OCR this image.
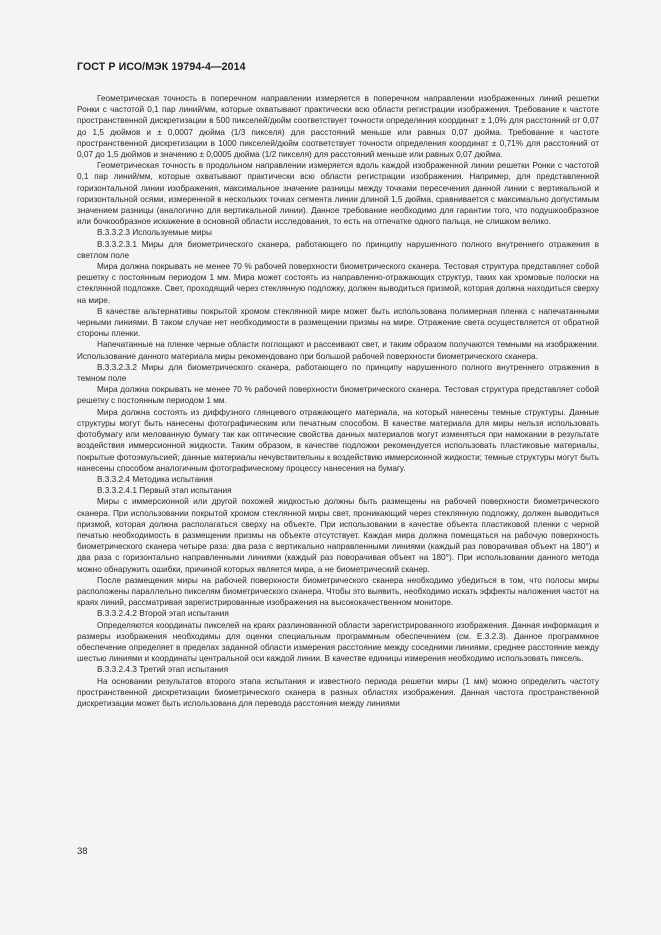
ГОСТ Р ИСО/МЭК 19794-4—2014

Геометрическая точность в поперечном направлении измеряется в поперечном направлении изображенных линий решетки Ронки с частотой 0,1 пар линий/мм, которые охватывают практически всю области регистрации изображения. Требование к частоте пространственной дискретизации в 500 пикселей/дюйм соответствует точности определения координат ± 1,0% для расстояний от 0,07 до 1,5 дюймов и ± 0,0007 дюйма (1/3 пикселя) для расстояний меньше или равных 0,07 дюйма. Требование к частоте пространственной дискретизации в 1000 пикселей/дюйм соответствует точности определения координат ± 0,71% для расстояний от 0,07 до 1,5 дюймов и значению ± 0,0005 дюйма (1/2 пикселя) для расстояний меньше или равных 0,07 дюйма.

Геометрическая точность в продольном направлении измеряется вдоль каждой изображенной линии решетки Ронки с частотой 0,1 пар линий/мм, которые охватывают практически всю области регистрации изображения. Например, для представленной горизонтальной линии изображения, максимальное значение разницы между точками пересечения данной линии с вертикальной и горизонтальной осями, измеренной в нескольких точках сегмента линии длиной 1,5 дюйма, сравнивается с максимально допустимым значением разницы (аналогично для вертикальной линии). Данное требование необходимо для гарантии того, что подушкообразное или бочкообразное искажение в основной области исследования, то есть на отпечатке одного пальца, не слишком велико.

В.3.3.2.3 Используемые миры

В.3.3.2.3.1 Миры для биометрического сканера, работающего по принципу нарушенного полного внутреннего отражения в светлом поле

Мира должна покрывать не менее 70 % рабочей поверхности биометрического сканера. Тестовая структура представляет собой решетку с постоянным периодом 1 мм. Мира может состоять из направленно-отражающих структур, таких как хромовые полоски на стеклянной подложке. Свет, проходящий через стеклянную подложку, должен выводиться призмой, которая должна находиться сверху на мире.

В качестве альтернативы покрытой хромом стеклянной мире может быть использована полимерная пленка с напечатанными черными линиями. В таком случае нет необходимости в размещении призмы на мире. Отражение света осуществляется от обратной стороны пленки.

Напечатанные на пленке черные области поглощают и рассеивают свет, и таким образом получаются темными на изображении. Использование данного материала миры рекомендовано при большой рабочей поверхности биометрического сканера.

В.3.3.2.3.2 Миры для биометрического сканера, работающего по принципу нарушенного полного внутреннего отражения в темном поле

Мира должна покрывать не менее 70 % рабочей поверхности биометрического сканера. Тестовая структура представляет собой решетку с постоянным периодом 1 мм.

Мира должна состоять из диффузного глянцевого отражающего материала, на который нанесены темные структуры. Данные структуры могут быть нанесены фотографическим или печатным способом. В качестве материала для миры нельзя использовать фотобумагу или мелованную бумагу так как оптические свойства данных материалов могут изменяться при намокании в результате воздействия иммерсионной жидкости. Таким образом, в качестве подложки рекомендуется использовать пластиковые материалы, покрытые фотоэмульсией; данные материалы нечувствительны к воздействию иммерсионной жидкости; темные структуры могут быть нанесены способом аналогичным фотографическому процессу нанесения на бумагу.

В.3.3.2.4 Методика испытания

В.3.3.2.4.1 Первый этап испытания

Миры с иммерсионной или другой похожей жидкостью должны быть размещены на рабочей поверхности биометрического сканера. При использовании покрытой хромом стеклянной миры свет, проникающий через стеклянную подложку, должен выводиться призмой, которая должна располагаться сверху на объекте. При использовании в качестве объекта пластиковой пленки с черной печатью необходимость в размещении призмы на объекте отсутствует. Каждая мира должна помещаться на рабочую поверхность биометрического сканера четыре раза: два раза с вертикально направленными линиями (каждый раз поворачивая объект на 180°) и два раза с горизонтально направленными линиями (каждый раз поворачивая объект на 180°). При использовании данного метода можно обнаружить ошибки, причиной которых является мира, а не биометрический сканер.

После размещения миры на рабочей поверхности биометрического сканера необходимо убедиться в том, что полосы миры расположены параллельно пикселям биометрического сканера. Чтобы это выявить, необходимо искать эффекты наложения частот на краях линий, рассматривая зарегистрированные изображения на высококачественном мониторе.

В.3.3.2.4.2 Второй этап испытания

Определяются координаты пикселей на краях разлинованной области зарегистрированного изображения. Данная информация и размеры изображения необходимы для оценки специальным программным обеспечением (см. Е.3.2.3). Данное программное обеспечение определяет в пределах заданной области измерения расстояние между соседними линиями, среднее расстояние между шестью линиями и координаты центральной оси каждой линии. В качестве единицы измерения необходимо использовать пиксель.

В.3.3.2.4.3 Третий этап испытания

На основании результатов второго этапа испытания и известного периода решетки миры (1 мм) можно определить частоту пространственной дискретизации биометрического сканера в разных областях изображения. Данная частота пространственной дискретизации может быть использована для перевода расстояния между линиями

38
